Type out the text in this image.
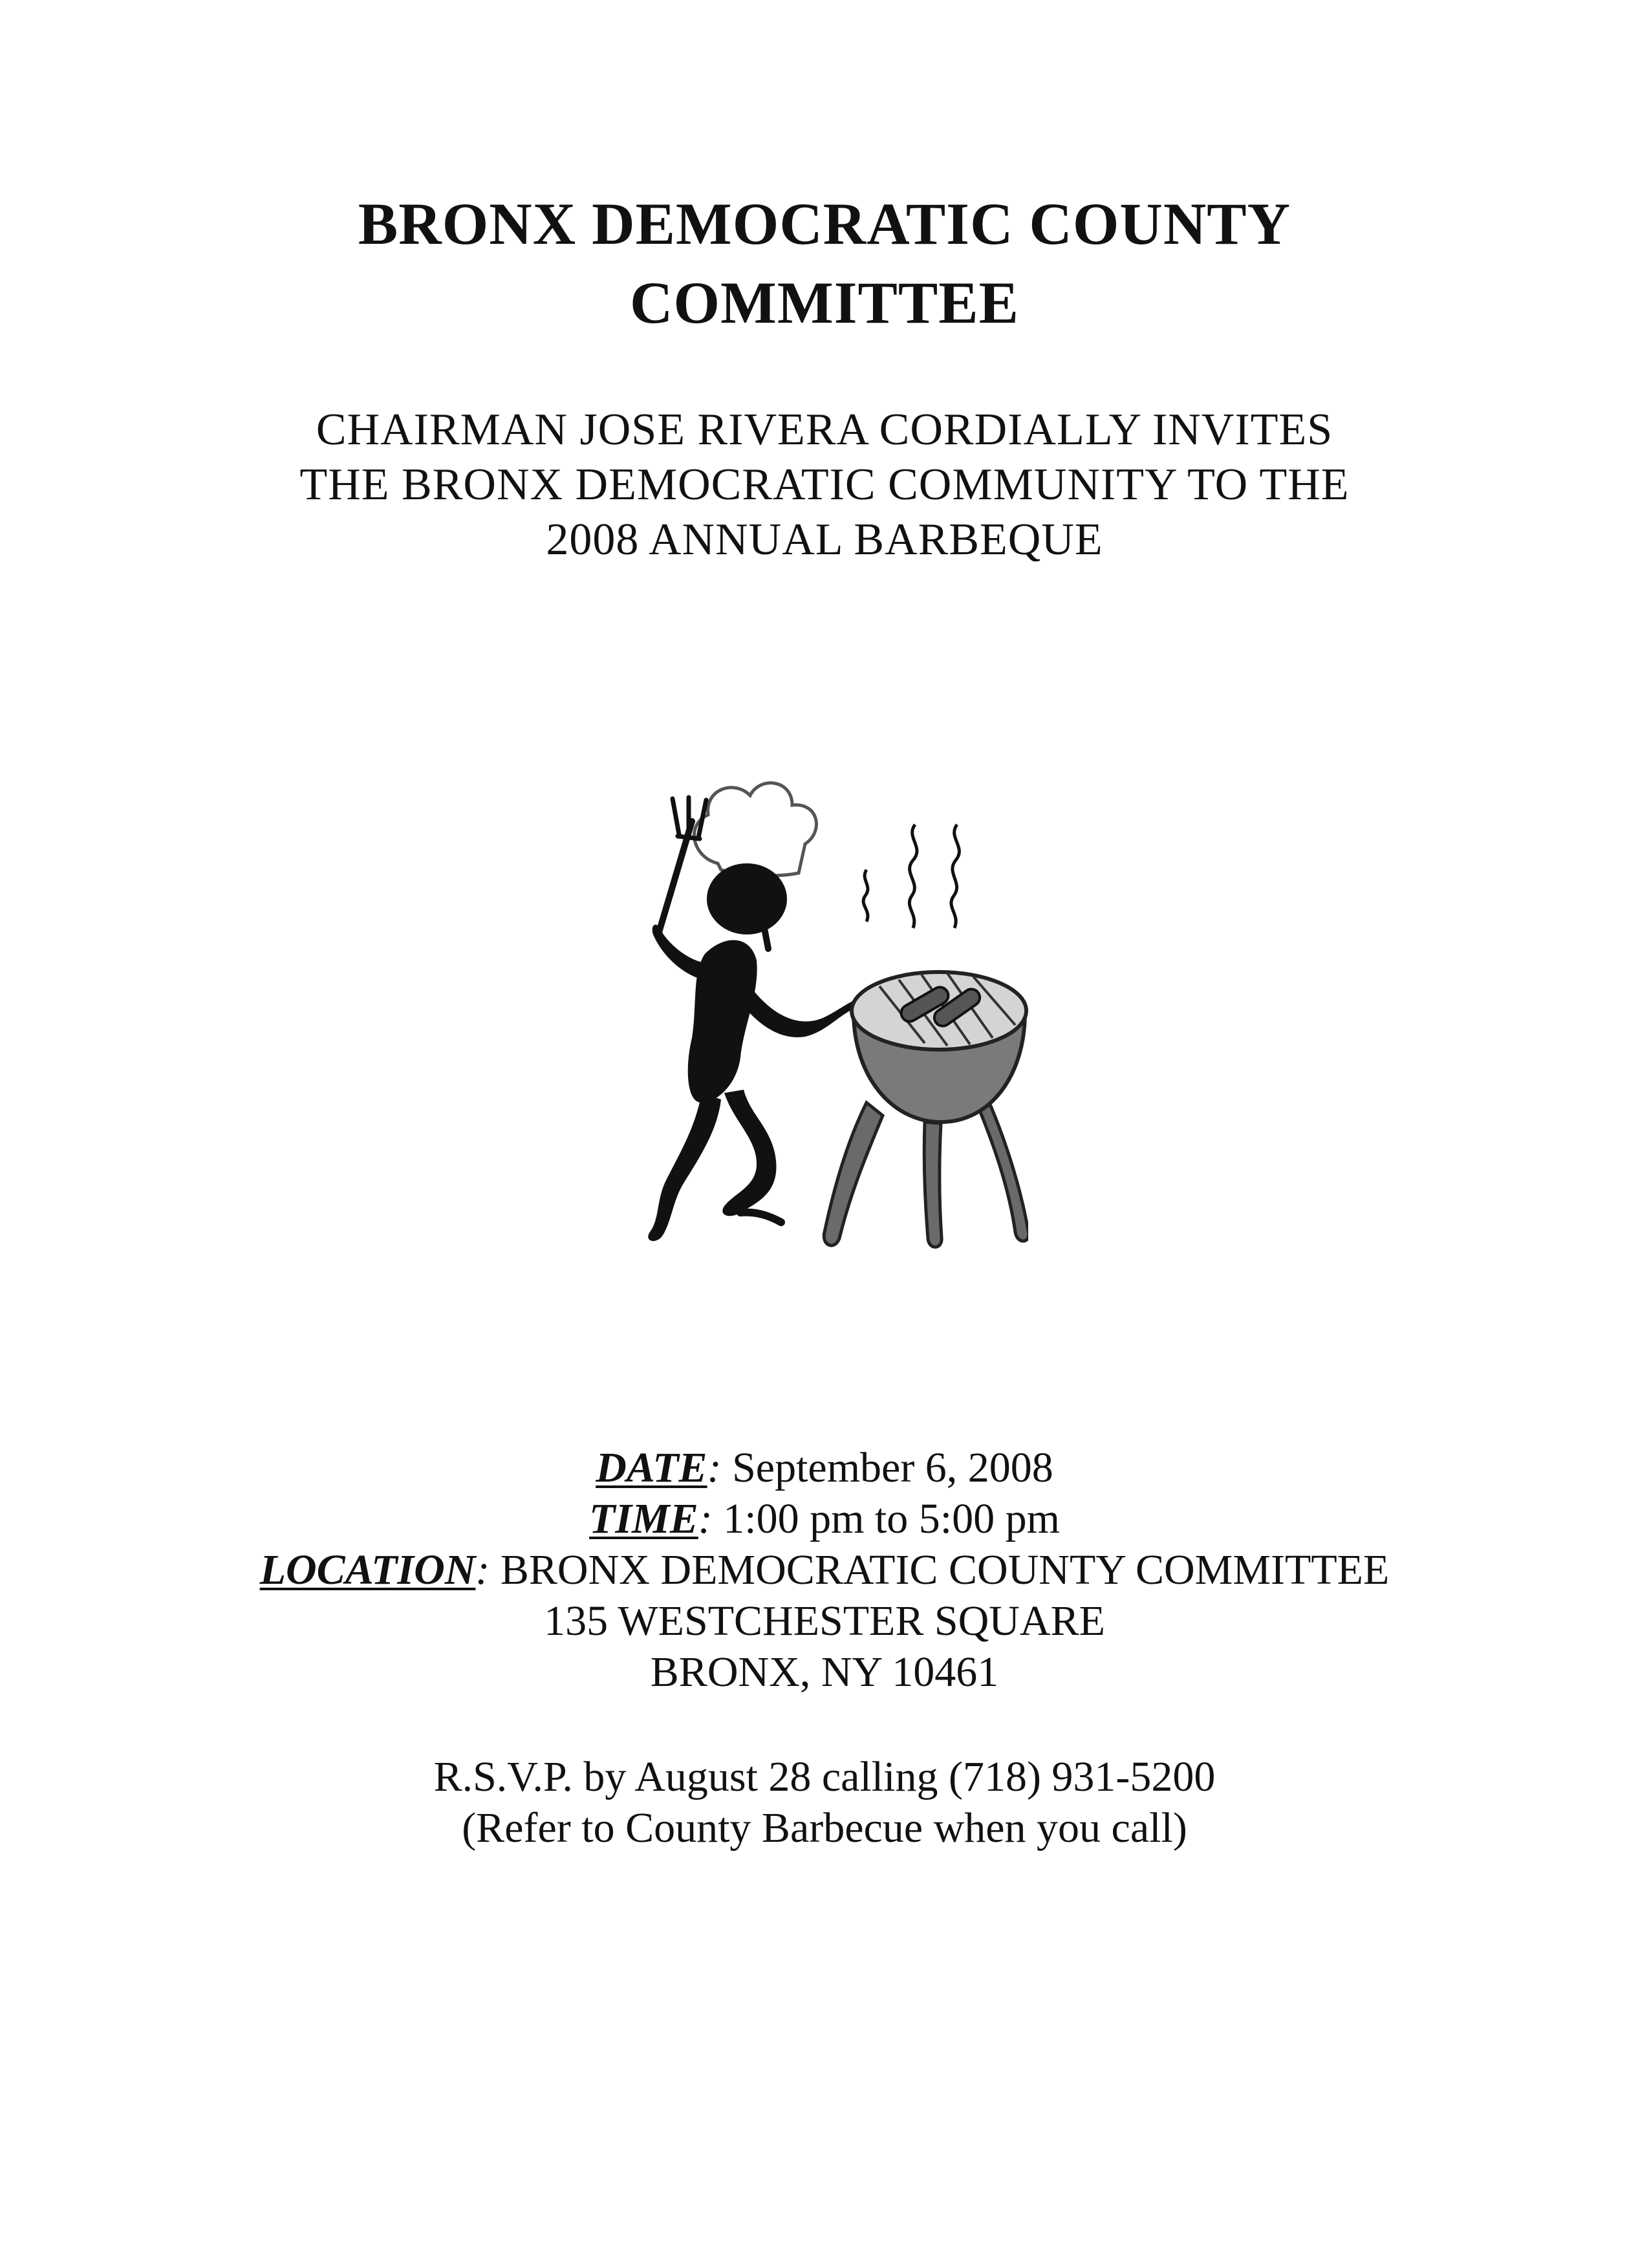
BRONX DEMOCRATIC COUNTY
COMMITTEE
CHAIRMAN JOSE RIVERA CORDIALLY INVITES
THE BRONX DEMOCRATIC COMMUNITY TO THE
2008 ANNUAL BARBEQUE
DATE: September 6, 2008
TIME: 1:00 pm to 5:00 pm
LOCATION: BRONX DEMOCRATIC COUNTY COMMITTEE
135 WESTCHESTER SQUARE
BRONX, NY 10461
R.S.V.P. by August 28 calling (718) 931-5200
(Refer to County Barbecue when you call)
